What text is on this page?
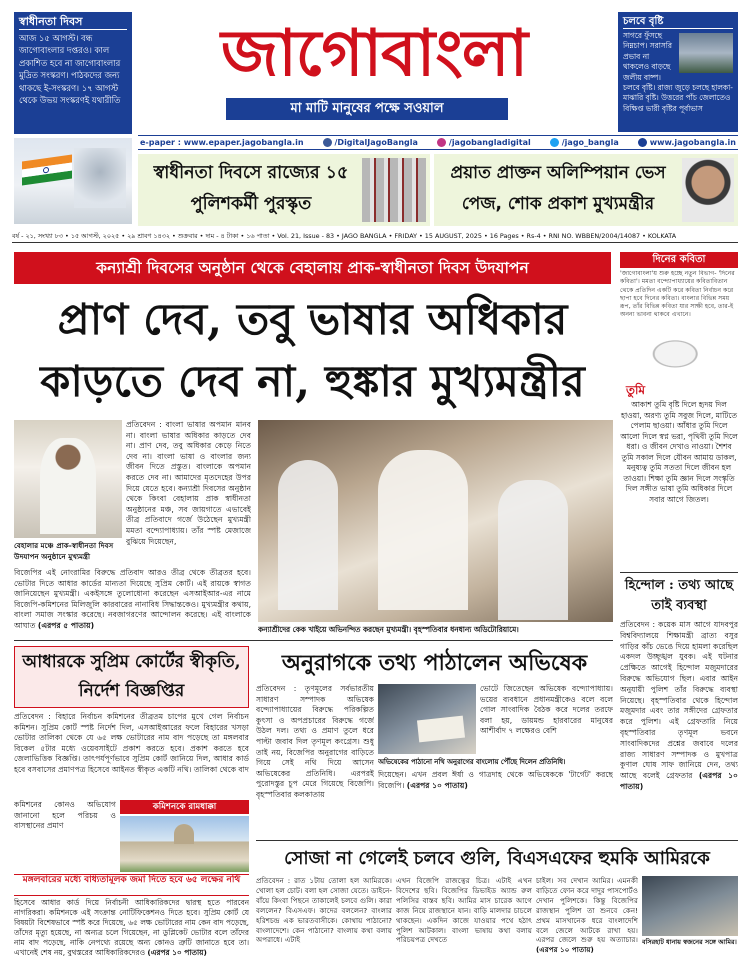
স্বাধীনতা দিবস
আজ ১৫ আগস্ট। বন্ধ জাগোবাংলার দপ্তরও। কাল প্রকাশিত হবে না জাগোবাংলার মুদ্রিত সংস্করণ। পাঠকদের জন্য থাকছে ই-সংস্করণ। ১৭ আগস্ট থেকে উভয় সংস্করণই যথারীতি
জাগোবাংলা
মা মাটি মানুষের পক্ষে সওয়াল
চলবে বৃষ্টি
সাগরে ফুঁসছে নিম্নচাপ। সরাসরি প্রভাব না থাকলেও বাড়ছে জলীয় বাষ্প। চলবে বৃষ্টি। রাজ্য জুড়ে চলছে হালকা-মাঝারি বৃষ্টি। উত্তরের পাঁচ জেলাতেও বিক্ষিপ্ত ভারী বৃষ্টির পূর্বাভাস
e-paper : www.epaper.jagobangla.in	/DigitalJagoBangla	/jagobangladigital	/jago_bangla	www.jagobangla.in
স্বাধীনতা দিবসে রাজ্যের ১৫ পুলিশকর্মী পুরস্কৃত
প্রয়াত প্রাক্তন অলিম্পিয়ান ভেস পেজ, শোক প্রকাশ মুখ্যমন্ত্রীর
বর্ষ - ২১, সংখ্যা ৮৩ • ১৫ আগস্ট, ২০২৫ • ২৯ শ্রাবণ ১৪৩২ • শুক্রবার • দাম - ৪ টাকা • ১৬ পাতা • Vol. 21, Issue - 83 • JAGO BANGLA • FRIDAY • 15 AUGUST, 2025 • 16 Pages • Rs-4 • RNI NO. WBBEN/2004/14087 • KOLKATA
কন্যাশ্রী দিবসের অনুষ্ঠান থেকে বেহালায় প্রাক-স্বাধীনতা দিবস উদযাপন
প্রাণ দেব, তবু ভাষার অধিকার
কাড়তে দেব না, হুঙ্কার মুখ্যমন্ত্রীর
বেহালার মঞ্চে প্রাক-স্বাধীনতা দিবস উদযাপন অনুষ্ঠানে মুখ্যমন্ত্রী
প্রতিবেদন : বাংলা ভাষার অপমান মানব না। বাংলা ভাষার অধিকার কাড়তে দেব না। প্রাণ দেব, তবু অধিকার কেড়ে নিতে দেব না। বাংলা ভাষা ও বাংলার জন্য জীবন দিতে প্রস্তুত। বাংলাকে অপমান করতে দেব না। আমাদের মৃতদেহের উপর দিয়ে যেতে হবে। কন্যাশ্রী দিবসের অনুষ্ঠান থেকে কিংবা বেহালায় প্রাক স্বাধীনতা অনুষ্ঠানের মঞ্চ, সব জায়গাতে এভাবেই তীব্র প্রতিবাদে গর্জে উঠেছেন মুখ্যমন্ত্রী মমতা বন্দ্যোপাধ্যায়। তাঁর স্পষ্ট মেজাজে বুঝিয়ে দিয়েছেন,
বিজেপির এই নোংরামির বিরুদ্ধে প্রতিবাদ আরও তীব্র থেকে তীব্রতর হবে। ভোটার দিতে আধার কার্ডের মান্যতা দিয়েছে সুপ্রিম কোর্ট। এই রায়কে স্বাগত জানিয়েছেন মুখ্যমন্ত্রী। একইসঙ্গে তুলোধোনা করেছেন এসআইআর-এর নামে বিজেপি-কমিশনের মিলিজুলি কারবারের নানাবিধ সিদ্ধান্তকেও। মুখ্যমন্ত্রীর কথায়, বাংলা সমাজ সংস্কার করেছে। নবজাগরণের আন্দোলন করেছে। এই বাংলাকে আঘাত (এরপর ৫ পাতায়)	কন্যাশ্রীদের কেক খাইয়ে অভিনন্দিত করছেন মুখ্যমন্ত্রী। বৃহস্পতিবার ধনধান্য অডিটোরিয়ামে।
দিনের কবিতা
'জাগোবাংলা'য় শুরু হচ্ছে নতুন বিভাগ- 'দিনের কবিতা'। মমতা বন্দ্যোপাধ্যায়ের কবিতাবিতান থেকে প্রতিদিন একটি করে কবিতা নির্বাচন করে ছাপা হবে দিনের কবিতা। বাংলার বিভিন্ন সময় রূপ, তাঁর বিভিন্ন কবিতা যার সাক্ষী হবে, তার-ই অনন্য ভাবনা থাকবে এখানে।
তুমি
আকাশ তুমি বৃষ্টি দিলে হৃদয় দিল হাওয়া, অরণ্য তুমি সবুজ দিলে, মাটিতে পেলাম ছাওয়া। আঁধার তুমি দিলে আলো দিলে স্বপ্ন ভরা, পৃথিবী তুমি দিলে ধরা। ও জীবন দেখাও নাওয়া। শৈশব তুমি সকাল দিলে যৌবন আমায় ডাকল, মনুষ্যত্ব তুমি সততা দিলে জীবন হল তাওয়া। শিক্ষা তুমি জ্ঞান দিলে সংস্কৃতি দিল সঙ্গীত ভাষা তুমি অধিকার দিলে সবার আগে জিতল।
হিন্দোল : তথ্য আছে তাই ব্যবস্থা
প্রতিবেদন : কয়েক মাস আগে যাদবপুর বিশ্ববিদ্যালয়ে শিক্ষামন্ত্রী ব্রাত্য বসুর গাড়ির কাঁচ ভেঙে দিয়ে হামলা করেছিল একদল উচ্ছৃঙ্খল যুবক। এই ঘটনার প্রেক্ষিতে আগেই হিন্দোল মজুমদারের বিরুদ্ধে অভিযোগ ছিল। এবার আইন অনুযায়ী পুলিশ তাঁর বিরুদ্ধে ব্যবস্থা নিয়েছে। বৃহস্পতিবার থেকে হিন্দোল মজুমদার এবং তার সঙ্গীদের গ্রেফতার করে পুলিশ। এই গ্রেফতারি নিয়ে বৃহস্পতিবার তৃণমূল ভবনে সাংবাদিকদের প্রশ্নের জবাবে দলের রাজ্য সাধারণ সম্পাদক ও মুখপাত্র কুণাল ঘোষ সাফ জানিয়ে দেন, তথ্য আছে বলেই গ্রেফতার (এরপর ১০ পাতায়)
আধারকে সুপ্রিম কোর্টের স্বীকৃতি, নির্দেশ বিজ্ঞপ্তির
প্রতিবেদন : বিহারে নির্বাচন কমিশনের তীব্রতম চাপের মুখে গেল নির্বাচন কমিশন। সুপ্রিম কোর্ট স্পষ্ট নির্দেশ দিল, এসআইআরের ফলে বিহারের খসড়া ভোটার তালিকা থেকে যে ৬৫ লক্ষ ভোটারের নাম বাদ পড়েছে তা মঙ্গলবার বিকেল ৫টার মধ্যে ওয়েবসাইটে প্রকাশ করতে হবে। প্রকাশ করতে হবে জেলাভিত্তিক বিজ্ঞপ্তি। তাৎপর্যপূর্ণভাবে সুপ্রিম কোর্ট জানিয়ে দিল, আধার কার্ড হবে বসবাসের প্রমাণপত্র হিসেবে আইনত স্বীকৃত একটি নথি। তালিকা থেকে বাদ
কমিশনকে রামধাক্কা
কমিশনের কোনও অভিযোগ জানানো হলে পরিচয় ও বাসস্থানের প্রমাণ
মঙ্গলবারের মধ্যে বাধ্যতামূলক জমা দিতে হবে ৬৫ লক্ষের নথি
হিসেবে আধার কার্ড দিয়ে নির্বাচনী আধিকারিকদের দ্বারস্থ হতে পারবেন নাগরিকরা। কমিশনকে এই সংক্রান্ত নোটিফিকেশনও দিতে হবে। সুপ্রিম কোর্ট যে বিষয়টা বিশেষভাবে স্পষ্ট করে দিয়েছে, ৬৫ লক্ষ ভোটারের নাম কেন বাদ পড়েছে, তাঁদের মৃত্যু হয়েছে, না অন্যত্র চলে গিয়েছেন, না ডুপ্লিকেট ভোটার বলে তাঁদের নাম বাদ পড়েছে, নাকি নেপথ্যে রয়েছে অন্য কোনও ত্রুটি জানাতে হবে তা। এখানেই শেষ নয়, বুথস্তরের আধিকারিকদেরও (এরপর ১০ পাতায়)
অনুরাগকে তথ্য পাঠালেন অভিষেক
প্রতিবেদন : তৃণমূলের সর্বভারতীয় সাধারণ সম্পাদক অভিষেক বন্দ্যোপাধ্যায়ের বিরুদ্ধে পরিকল্পিত কুৎসা ও অপপ্রচারের বিরুদ্ধে গর্জে উঠল দল। তথ্য ও প্রমাণ তুলে ধরে পাল্টা জবাব দিল তৃণমূল কংগ্রেস। শুধু তাই নয়, বিজেপির অনুরাগের বাড়িতে গিয়ে সেই নথি দিয়ে আসেন অভিষেকের প্রতিনিধি। এরপরই পুরোদস্তুর চুপ মেরে গিয়েছে বিজেপি। বৃহস্পতিবার কলকাতায়
অভিষেকের পাঠানো নথি অনুরাগের বাংলোয় পৌঁছে দিলেন প্রতিনিধি।
ভোটে জিতেছেন অভিষেক বন্দ্যোপাধ্যায়। ভয়ের ব্যবধানে প্রধানমন্ত্রীকেও বলে বলে গোল সাংবাদিক বৈঠক করে দলের তরফে বলা হয়, ডায়মন্ড হারবারের মানুষের আশীর্বাদ ৭ লক্ষেরও বেশি
দিয়েছেন। এখন প্রবল ঈর্ষা ও গাত্রদাহ থেকে অভিষেককে 'টার্গেট' করছে বিজেপি। (এরপর ১০ পাতায়)
সোজা না গেলেই চলবে গুলি, বিএসএফের হুমকি আমিরকে
প্রতিবেদন : রাত ১টায় তোলা হল আমিরকে। খোলা হল চোট। বলা হল সোজা যেতে। ডাইনে-বাঁয়ে কিংবা পিছনে তাকালেই চলবে গুলি। কারা বললেন? বিএসএফ। কাদের বললেন? বাংলার হরিশচন্দ্র এক ভারতবাসীকে। কোথায় পাঠানো? বাংলাদেশে। কেন পাঠানো? বাংলায় কথা বলায় অপরাধে। এটাই
এখন বিজেপি রাজত্বের চিত্র। এটাই এখন বিদেশের ছবি। বিজেপির ডিভাইড অ্যান্ড রুল পলিসির বাস্তব ছবি। আমির মাস চারেক আগে কাজ নিয়ে রাজস্থানে যান। বাড়ি মালদার চাচলে থাকছেন। একদিন কাজে যাওয়ার পথে হঠাৎ পুলিশ আটকাল। বাংলা ভাষায় কথা বলায় পরিচয়পত্র দেখতে
চাইল। সব দেখান আমির। এমনকী বাড়িতে ফোন করে দাদুর পাসপোর্টও দেখান পুলিশকে। কিন্তু বিজেপির রাজস্থান পুলিশ তা শুনবে কেন! প্রথম মাসখানেক ধরে বাংলাদেশি বলে জেলে আটকে রাখা হয়। এরপর জেলে শুরু হয় অত্যাচার। (এরপর ১০ পাতায়)
বসিরহাট ধানায় স্বজনের সঙ্গে আমির।
